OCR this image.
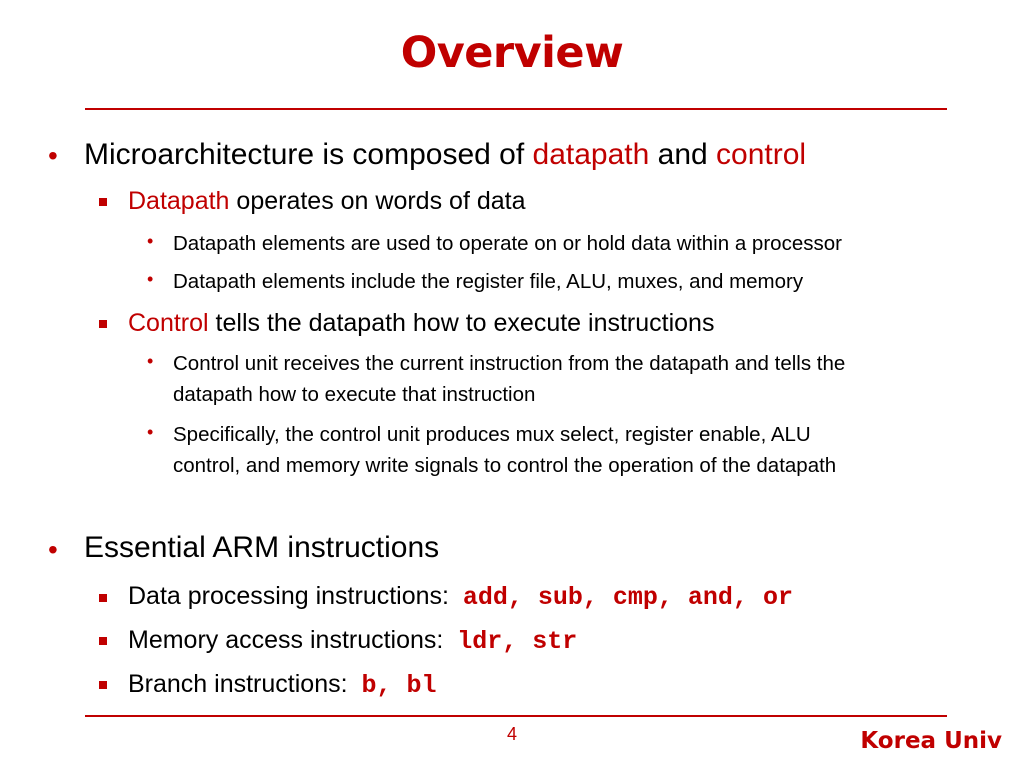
Overview
• Microarchitecture is composed of datapath and control
Datapath operates on words of data
• Datapath elements are used to operate on or hold data within a processor
• Datapath elements include the register file, ALU, muxes, and memory
Control tells the datapath how to execute instructions
• Control unit receives the current instruction from the datapath and tells the
datapath how to execute that instruction
• Specifically, the control unit produces mux select, register enable, ALU
control, and memory write signals to control the operation of the datapath
• Essential ARM instructions
Data processing instructions: add, sub, cmp, and, or
Memory access instructions: ldr, str
Branch instructions: b, bl
4	Korea Univ
